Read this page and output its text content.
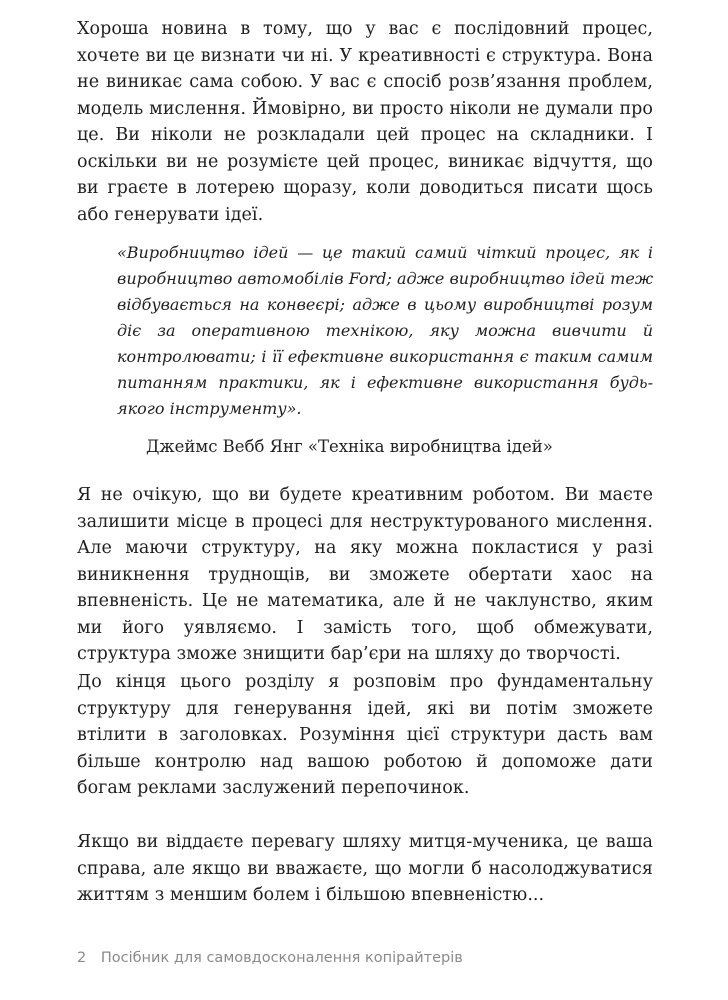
Хороша новина в тому, що у вас є послідовний процес, хочете ви це визнати чи ні. У креативності є структура. Вона не виникає сама собою. У вас є спосіб розв’язання проблем, модель мислення. Ймовірно, ви просто ніколи не думали про це. Ви ніколи не розкладали цей процес на складники. І оскільки ви не розумієте цей процес, виникає відчуття, що ви граєте в лотерею щоразу, коли доводиться писати щось або генерувати ідеї.

«Виробництво ідей — це такий самий чіткий процес, як і виробництво автомобілів Ford; адже виробництво ідей теж відбувається на конвеєрі; адже в цьому виробництві розум діє за оперативною технікою, яку можна вивчити й контролювати; і її ефективне використання є таким самим питанням практики, як і ефективне використання будь-якого інструменту».

Джеймс Вебб Янг «Техніка виробництва ідей»

Я не очікую, що ви будете креативним роботом. Ви маєте залишити місце в процесі для неструктурованого мислення. Але маючи структуру, на яку можна покластися у разі виникнення труднощів, ви зможете обертати хаос на впевненість. Це не математика, але й не чаклунство, яким ми його уявляємо. І замість того, щоб обмежувати, структура зможе знищити бар’єри на шляху до творчості.

До кінця цього розділу я розповім про фундаментальну структуру для генерування ідей, які ви потім зможете втілити в заголовках. Розуміння цієї структури дасть вам більше контролю над вашою роботою й допоможе дати богам реклами заслужений перепочинок.

Якщо ви віддаєте перевагу шляху митця-мученика, це ваша справа, але якщо ви вважаєте, що могли б насолоджуватися життям з меншим болем і більшою впевненістю...

2 Посібник для самовдосконалення копірайтерів
